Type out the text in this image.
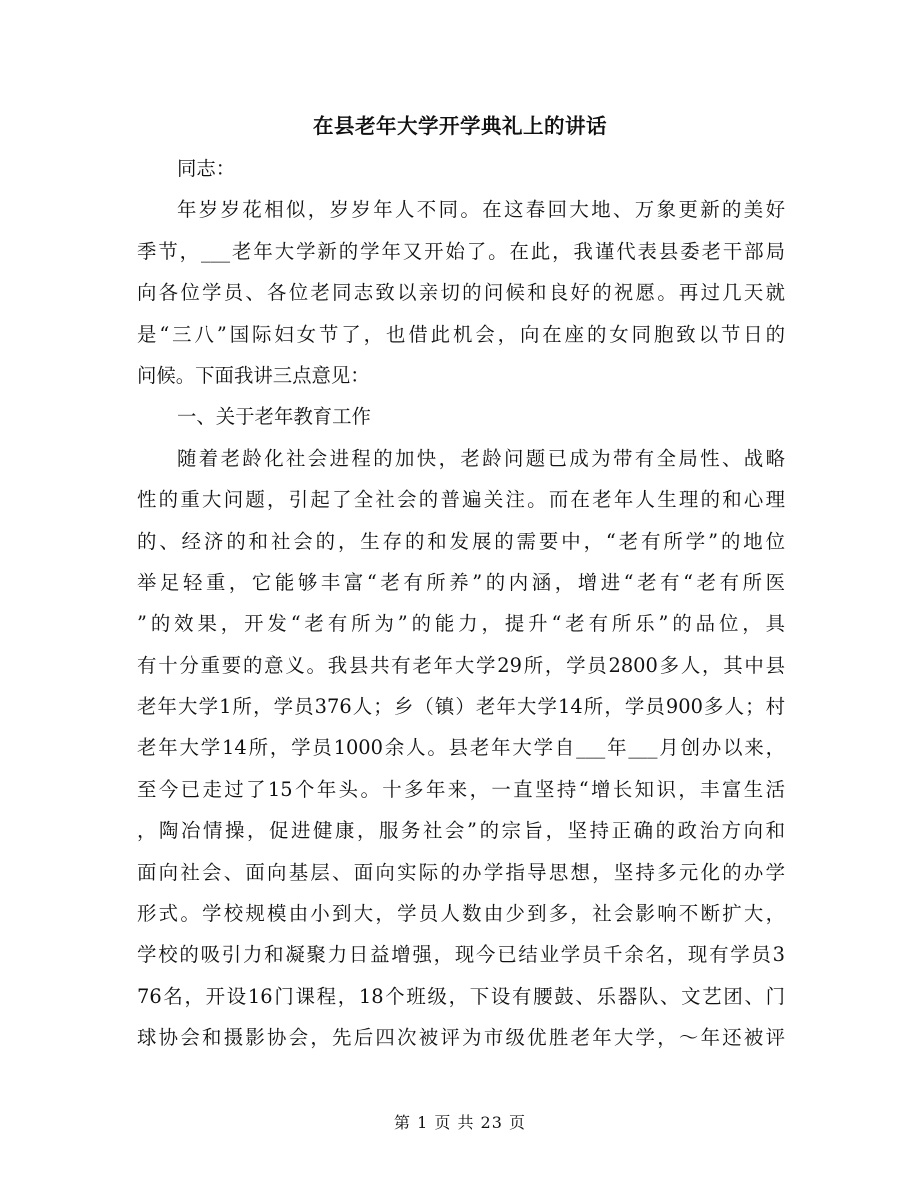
在县老年大学开学典礼上的讲话
同志：
年岁岁花相似，岁岁年人不同。在这春回大地、万象更新的美好
季节，___老年大学新的学年又开始了。在此，我谨代表县委老干部局
向各位学员、各位老同志致以亲切的问候和良好的祝愿。再过几天就
是“三八”国际妇女节了，也借此机会，向在座的女同胞致以节日的
问候。下面我讲三点意见：
一、关于老年教育工作
随着老龄化社会进程的加快，老龄问题已成为带有全局性、战略
性的重大问题，引起了全社会的普遍关注。而在老年人生理的和心理
的、经济的和社会的，生存的和发展的需要中，“老有所学”的地位
举足轻重，它能够丰富“老有所养”的内涵，增进“老有“老有所医
”的效果，开发“老有所为”的能力，提升“老有所乐”的品位，具
有十分重要的意义。我县共有老年大学29所，学员2800多人，其中县
老年大学1所，学员376人；乡（镇）老年大学14所，学员900多人；村
老年大学14所，学员1000余人。县老年大学自___年___月创办以来，
至今已走过了15个年头。十多年来，一直坚持“增长知识，丰富生活
，陶冶情操，促进健康，服务社会”的宗旨，坚持正确的政治方向和
面向社会、面向基层、面向实际的办学指导思想，坚持多元化的办学
形式。学校规模由小到大，学员人数由少到多，社会影响不断扩大，
学校的吸引力和凝聚力日益增强，现今已结业学员千余名，现有学员3
76名，开设16门课程，18个班级，下设有腰鼓、乐器队、文艺团、门
球协会和摄影协会，先后四次被评为市级优胜老年大学，～年还被评
第 1 页 共 23 页
